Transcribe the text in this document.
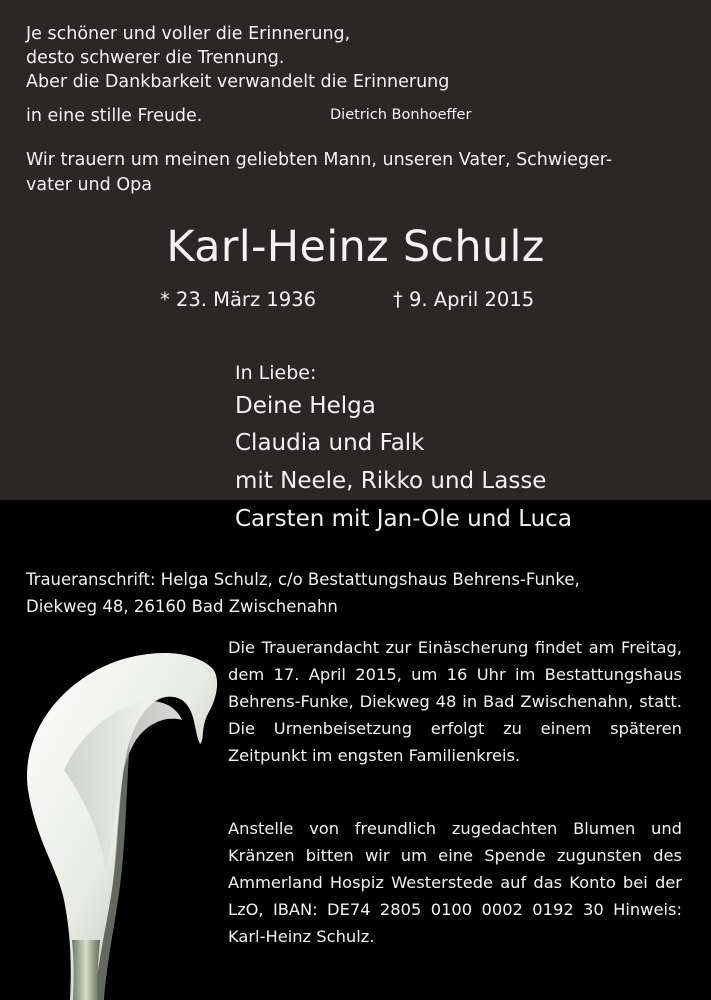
Je schöner und voller die Erinnerung,
desto schwerer die Trennung.
Aber die Dankbarkeit verwandelt die Erinnerung
in eine stille Freude.	Dietrich Bonhoeffer
Wir trauern um meinen geliebten Mann, unseren Vater, Schwieger-
vater und Opa
Karl-Heinz Schulz
* 23. März 1936	† 9. April 2015
In Liebe:
Deine Helga
Claudia und Falk
mit Neele, Rikko und Lasse
Carsten mit Jan-Ole und Luca
Traueranschrift: Helga Schulz, c/o Bestattungshaus Behrens-Funke,
Diekweg 48, 26160 Bad Zwischenahn

Die Trauerandacht zur Einäscherung findet am Freitag, dem 17. April 2015, um 16 Uhr im Bestattungshaus Behrens-Funke, Diekweg 48 in Bad Zwischenahn, statt. Die Urnenbeisetzung erfolgt zu einem späteren Zeitpunkt im engsten Familienkreis.

Anstelle von freundlich zugedachten Blumen und Kränzen bitten wir um eine Spende zugunsten des Ammerland Hospiz Westerstede auf das Konto bei der LzO, IBAN: DE74 2805 0100 0002 0192 30 Hinweis: Karl-Heinz Schulz.
